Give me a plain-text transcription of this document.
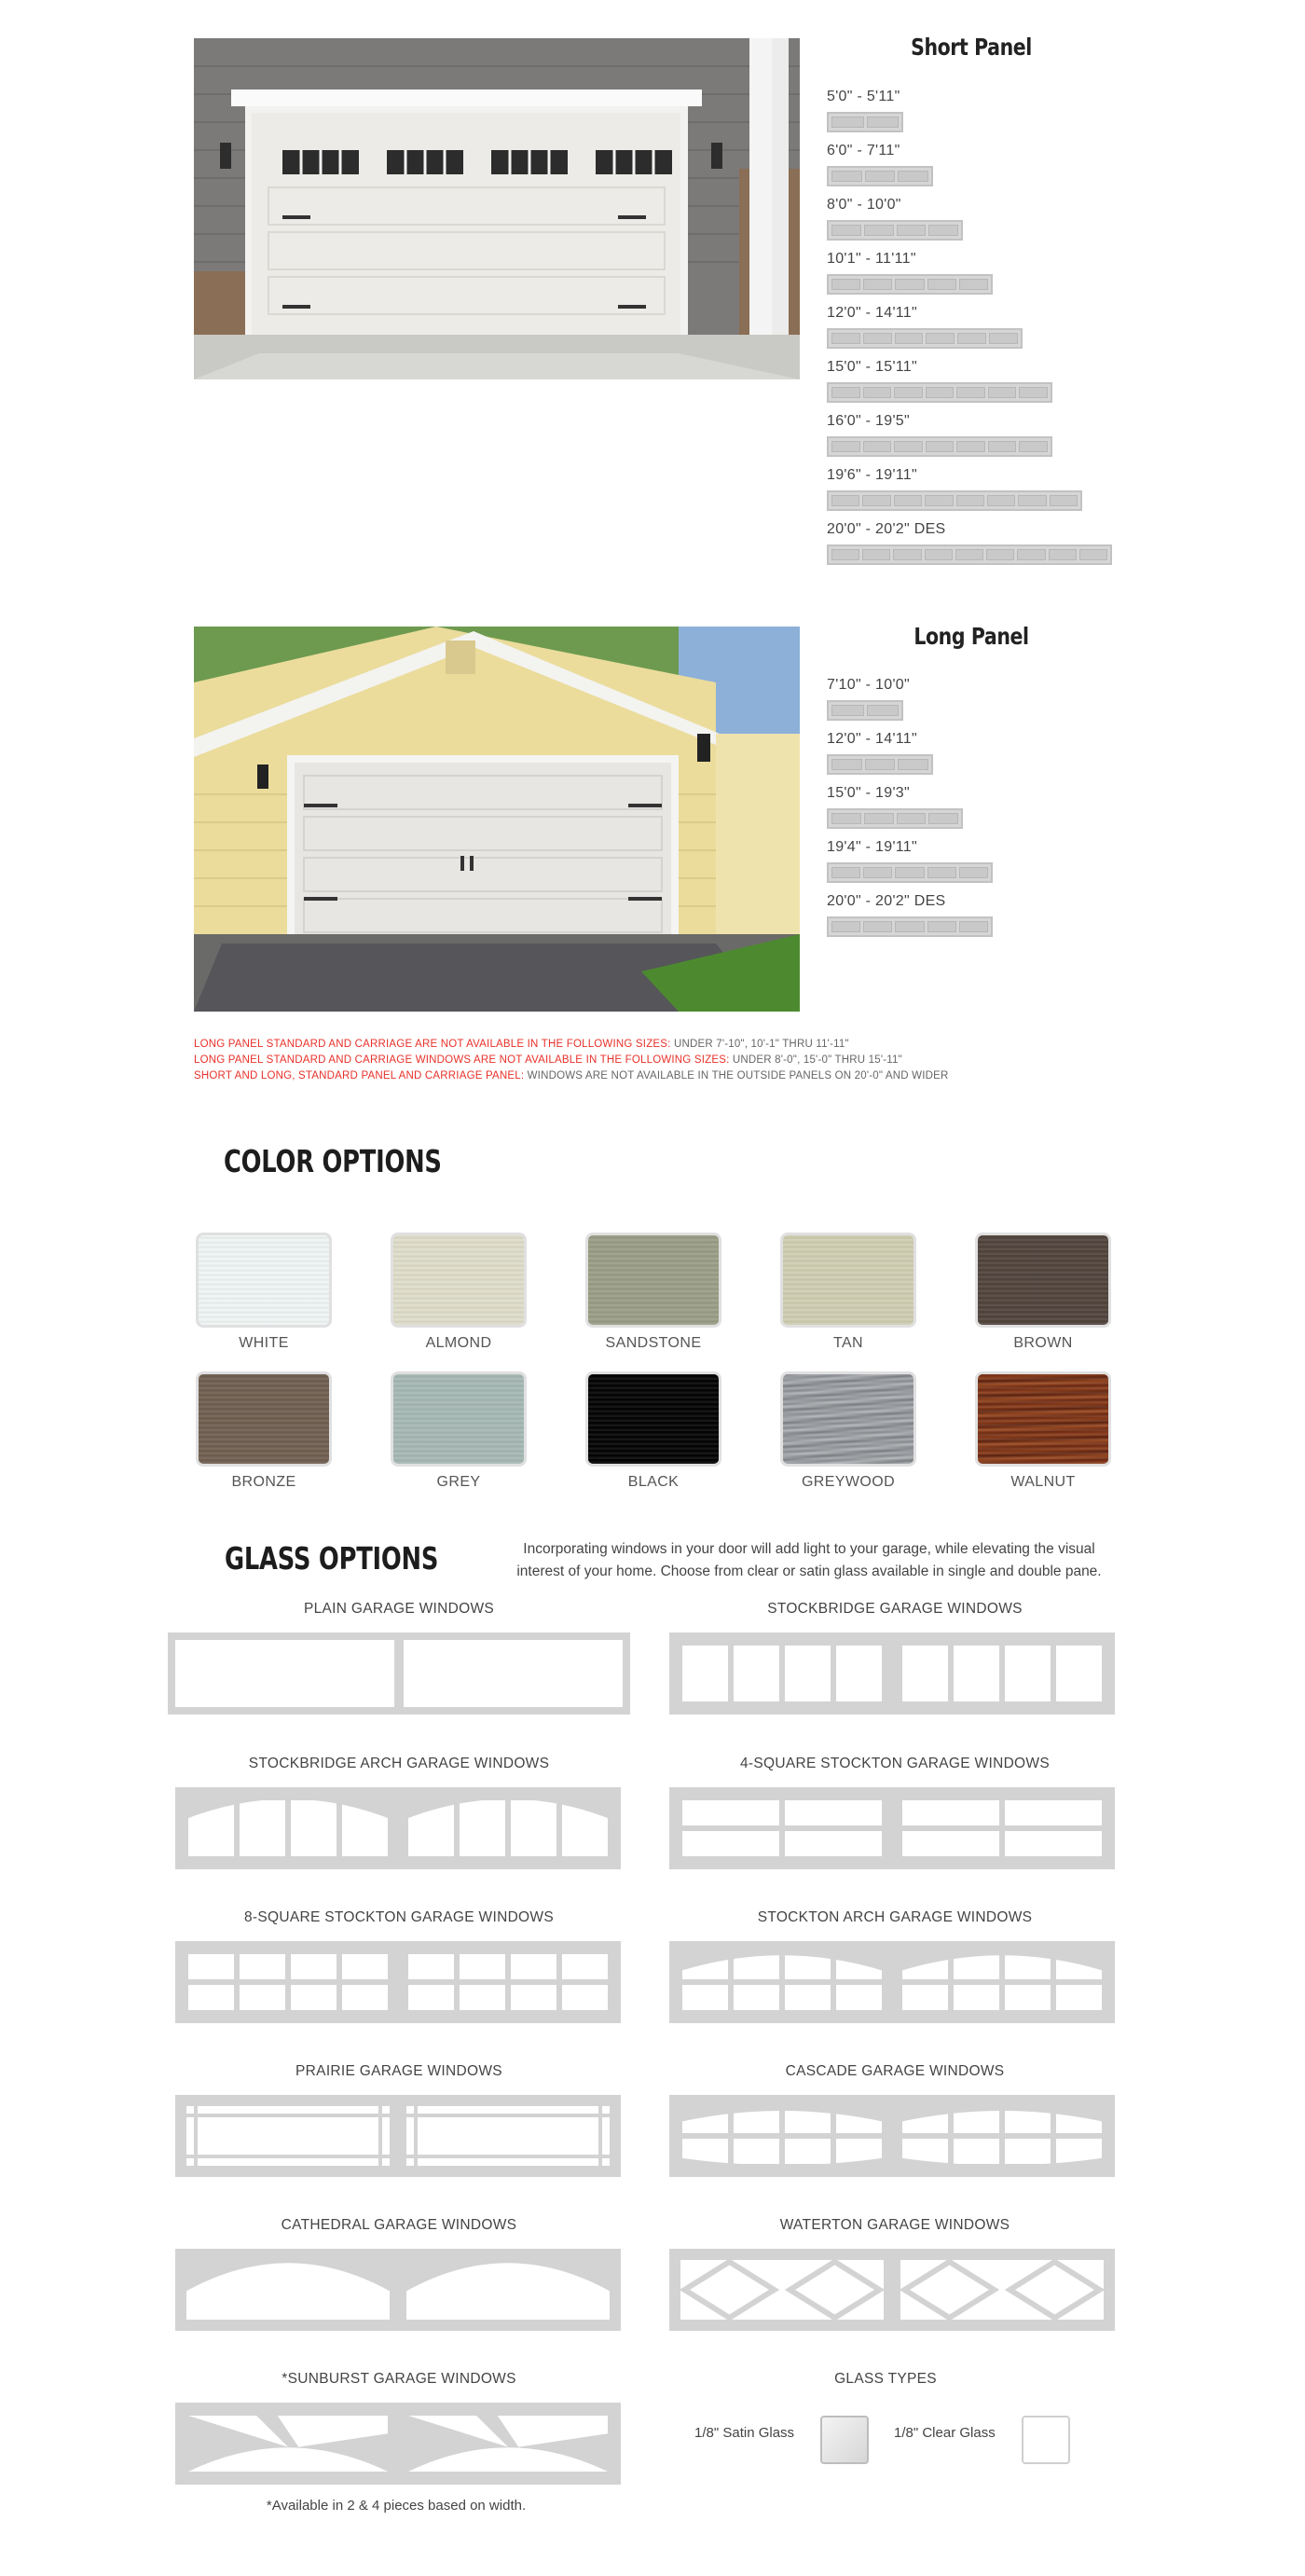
Short Panel
5'0" - 5'11"
6'0" - 7'11"
8'0" - 10'0"
10'1" - 11'11"
12'0" - 14'11"
15'0" - 15'11"
16'0" - 19'5"
19'6" - 19'11"
20'0" - 20'2" DES
Long Panel
7'10" - 10'0"
12'0" - 14'11"
15'0" - 19'3"
19'4" - 19'11"
20'0" - 20'2" DES
LONG PANEL STANDARD AND CARRIAGE ARE NOT AVAILABLE IN THE FOLLOWING SIZES: UNDER 7'-10", 10'-1" THRU 11'-11"
LONG PANEL STANDARD AND CARRIAGE WINDOWS ARE NOT AVAILABLE IN THE FOLLOWING SIZES: UNDER 8'-0", 15'-0" THRU 15'-11"
SHORT AND LONG, STANDARD PANEL AND CARRIAGE PANEL: WINDOWS ARE NOT AVAILABLE IN THE OUTSIDE PANELS ON 20'-0" AND WIDER
COLOR OPTIONS
WHITE	ALMOND	SANDSTONE	TAN	BROWN
BRONZE	GREY	BLACK	GREYWOOD	WALNUT
GLASS OPTIONS	Incorporating windows in your door will add light to your garage, while elevating the visual interest of your home. Choose from clear or satin glass available in single and double pane.
PLAIN GARAGE WINDOWS	STOCKBRIDGE GARAGE WINDOWS
STOCKBRIDGE ARCH GARAGE WINDOWS	4-SQUARE STOCKTON GARAGE WINDOWS
8-SQUARE STOCKTON GARAGE WINDOWS	STOCKTON ARCH GARAGE WINDOWS
PRAIRIE GARAGE WINDOWS	CASCADE GARAGE WINDOWS
CATHEDRAL GARAGE WINDOWS	WATERTON GARAGE WINDOWS
*SUNBURST GARAGE WINDOWS	GLASS TYPES
1/8" Satin Glass	1/8" Clear Glass
*Available in 2 & 4 pieces based on width.
